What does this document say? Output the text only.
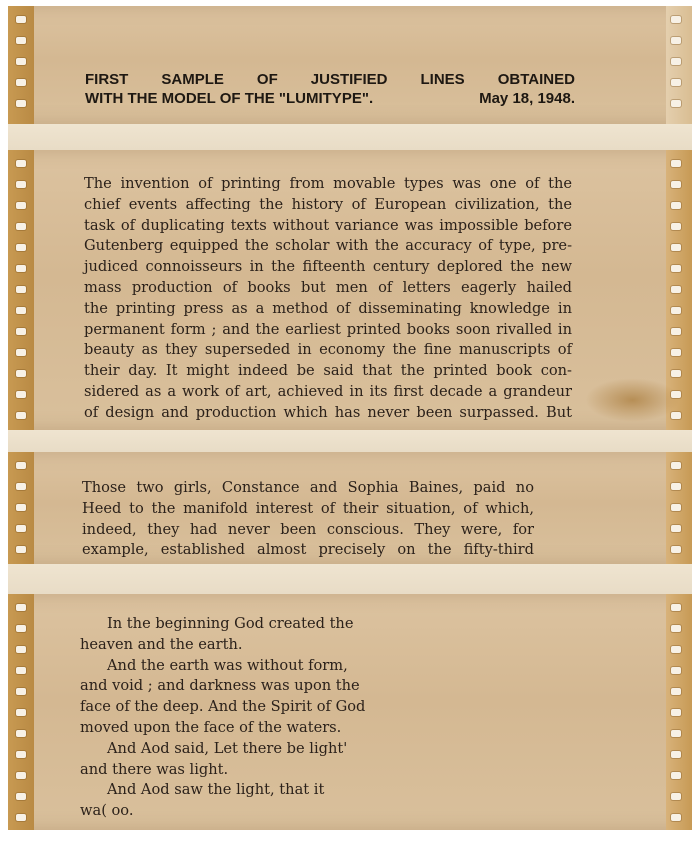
FIRST SAMPLE OF JUSTIFIED LINES OBTAINED
WITH THE MODEL OF THE "LUMITYPE".	May 18, 1948.
The invention of printing from movable types was one of the
chief events affecting the history of European civilization, the
task of duplicating texts without variance was impossible before
Gutenberg equipped the scholar with the accuracy of type, pre-
judiced connoisseurs in the fifteenth century deplored the new
mass production of books but men of letters eagerly hailed
the printing press as a method of disseminating knowledge in
permanent form ; and the earliest printed books soon rivalled in
beauty as they superseded in economy the fine manuscripts of
their day. It might indeed be said that the printed book con-
sidered as a work of art, achieved in its first decade a grandeur
of design and production which has never been surpassed. But
Those two girls, Constance and Sophia Baines, paid no
Heed to the manifold interest of their situation, of which,
indeed, they had never been conscious. They were, for
example, established almost precisely on the fifty-third
In the beginning God created the
heaven and the earth.
And the earth was without form,
and void ; and darkness was upon the
face of the deep. And the Spirit of God
moved upon the face of the waters.
And Aod said, Let there be light'
and there was light.
And Aod saw the light, that it
wa( oo.
